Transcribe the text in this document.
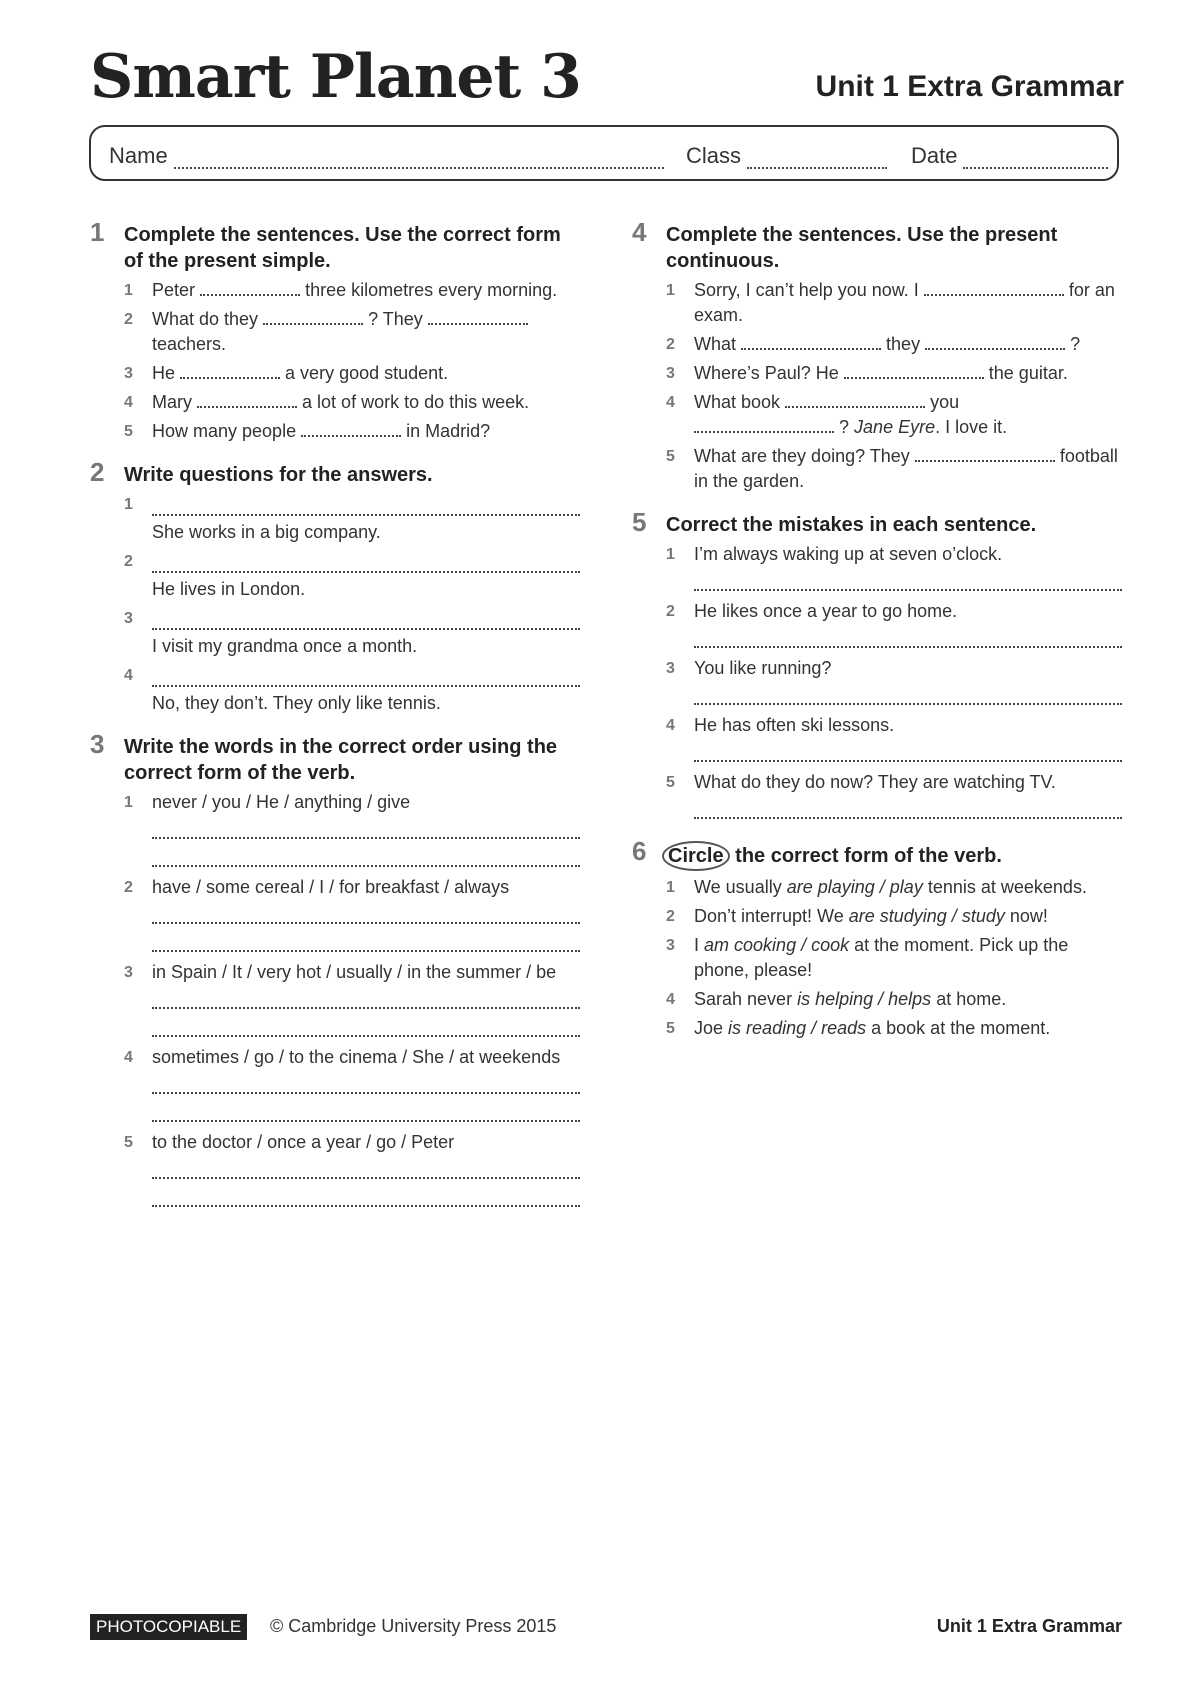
Smart Planet 3	Unit 1 Extra Grammar
Name	Class	Date
1 Complete the sentences. Use the correct form of the present simple.
1	Peter	three kilometres every morning.
2	What do they	? They  teachers.
3	He	a very good student.
4	Mary	a lot of work to do this week.
5	How many people	in Madrid?
2 Write questions for the answers.
1
She works in a big company.
2
He lives in London.
3
I visit my grandma once a month.
4
No, they don’t. They only like tennis.
3 Write the words in the correct order using the correct form of the verb.
1	never / you / He / anything / give
2	have / some cereal / I / for breakfast / always
3	in Spain / It / very hot / usually / in the summer / be
4	sometimes / go / to the cinema / She / at weekends
5	to the doctor / once a year / go / Peter
4 Complete the sentences. Use the present continuous.
1	Sorry, I can’t help you now. I	for an exam.
2	What	they	?
3	Where’s Paul? He	the guitar.
4	What book	you
? Jane Eyre. I love it.
5	What are they doing? They	football in the garden.
5 Correct the mistakes in each sentence.
1	I’m always waking up at seven o’clock.
2	He likes once a year to go home.
3	You like running?
4	He has often ski lessons.
5	What do they do now? They are watching TV.
6	Circle the correct form of the verb.
1	We usually are playing / play tennis at weekends.
2	Don’t interrupt! We are studying / study now!
3	I am cooking / cook at the moment. Pick up the phone, please!
4	Sarah never is helping / helps at home.
5	Joe is reading / reads a book at the moment.
PHOTOCOPIABLE	© Cambridge University Press 2015	Unit 1 Extra Grammar
